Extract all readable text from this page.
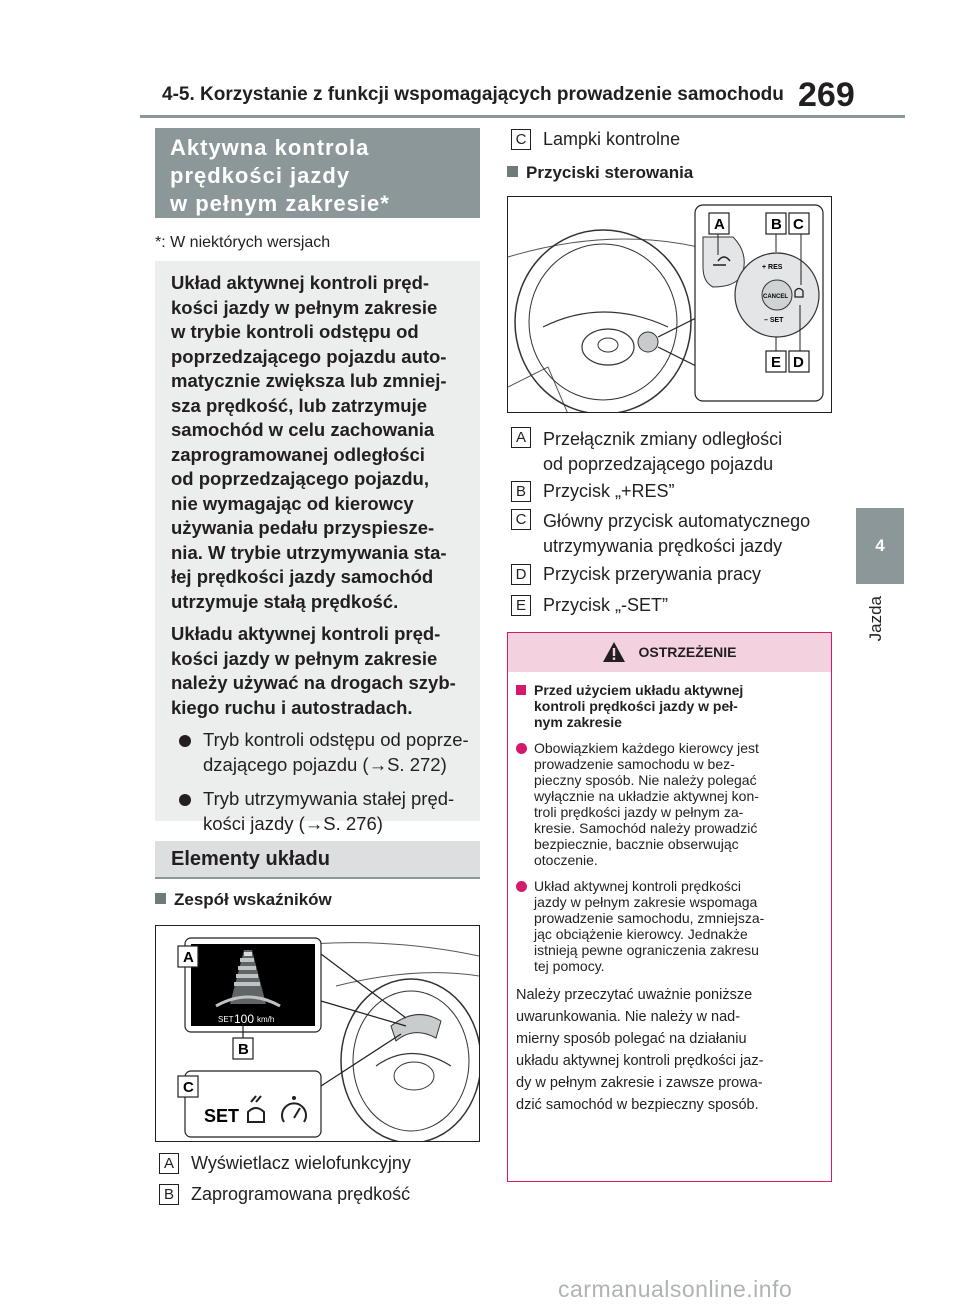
4-5. Korzystanie z funkcji wspomagających prowadzenie samochodu 269
4
Jazda
Aktywna kontrola
prędkości jazdy
w pełnym zakresie*
*: W niektórych wersjach

Układ aktywnej kontroli pręd-
kości jazdy w pełnym zakresie
w trybie kontroli odstępu od
poprzedzającego pojazdu auto-
matycznie zwiększa lub zmniej-
sza prędkość, lub zatrzymuje
samochód w celu zachowania
zaprogramowanej odległości
od poprzedzającego pojazdu,
nie wymagając od kierowcy
używania pedału przyspiesze-
nia. W trybie utrzymywania sta-
łej prędkości jazdy samochód
utrzymuje stałą prędkość.

Układu aktywnej kontroli pręd-
kości jazdy w pełnym zakresie
należy używać na drogach szyb-
kiego ruchu i autostradach.

Tryb kontroli odstępu od poprze-
dzającego pojazdu (→S. 272)
Tryb utrzymywania stałej pręd-
kości jazdy (→S. 276)
Elementy układu
Zespół wskaźników
SET 100 km/h
A
B
C
SET
A Wyświetlacz wielofunkcyjny
B Zaprogramowana prędkość
C Lampki kontrolne
Przyciski sterowania
+ RES
CANCEL
– SET
A	B C
E D
A Przełącznik zmiany odległości
od poprzedzającego pojazdu
B Przycisk „+RES”
C Główny przycisk automatycznego
utrzymywania prędkości jazdy
D Przycisk przerywania pracy
E Przycisk „-SET”
OSTRZEŻENIE
Przed użyciem układu aktywnej
kontroli prędkości jazdy w peł-
nym zakresie
Obowiązkiem każdego kierowcy jest
prowadzenie samochodu w bez-
pieczny sposób. Nie należy polegać
wyłącznie na układzie aktywnej kon-
troli prędkości jazdy w pełnym za-
kresie. Samochód należy prowadzić
bezpiecznie, bacznie obserwując
otoczenie.
Układ aktywnej kontroli prędkości
jazdy w pełnym zakresie wspomaga
prowadzenie samochodu, zmniejsza-
jąc obciążenie kierowcy. Jednakże
istnieją pewne ograniczenia zakresu
tej pomocy.
Należy przeczytać uważnie poniższe
uwarunkowania. Nie należy w nad-
mierny sposób polegać na działaniu
układu aktywnej kontroli prędkości jaz-
dy w pełnym zakresie i zawsze prowa-
dzić samochód w bezpieczny sposób.
carmanualsonline.info
